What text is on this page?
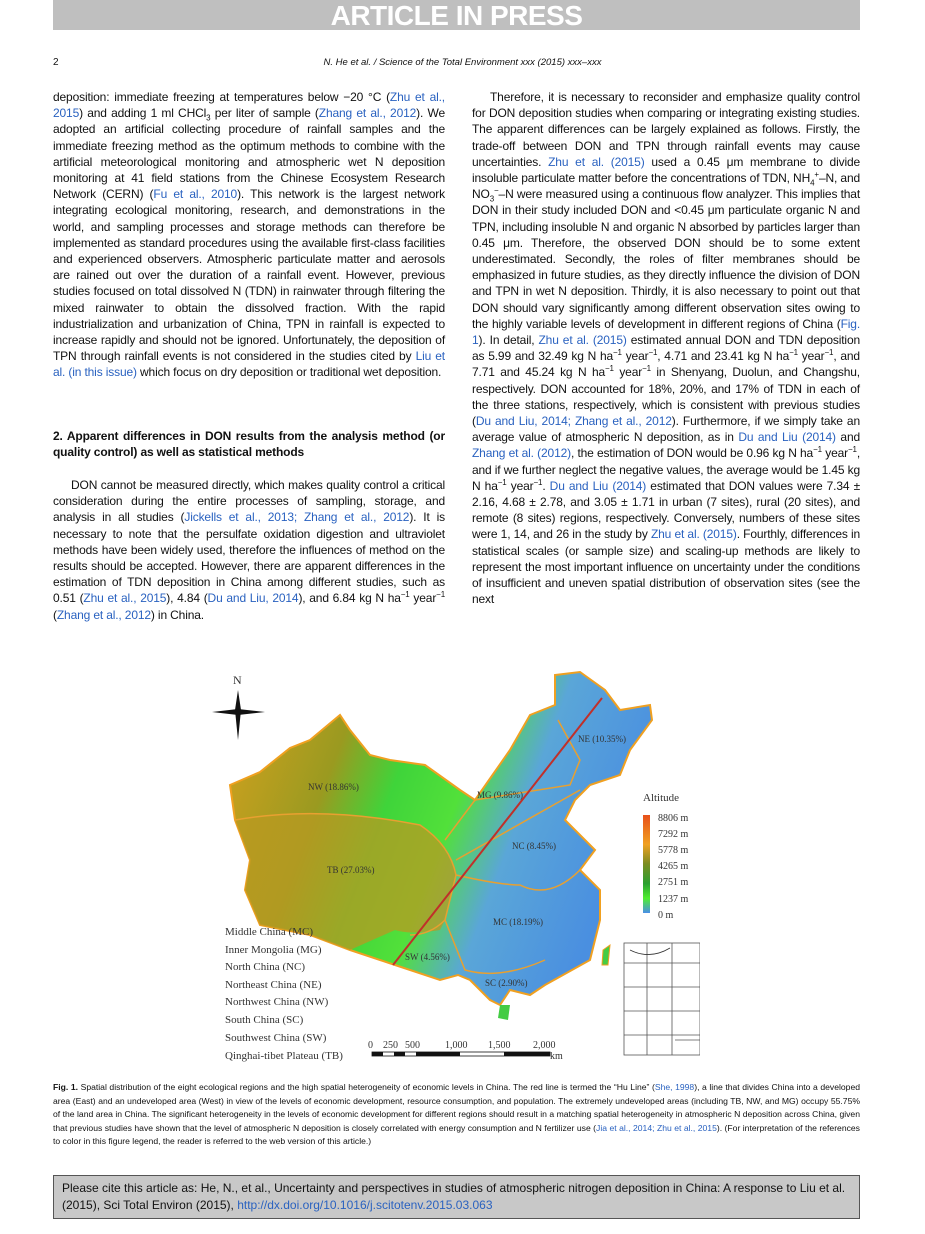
ARTICLE IN PRESS
2	N. He et al. / Science of the Total Environment xxx (2015) xxx–xxx
deposition: immediate freezing at temperatures below −20 °C (Zhu et al., 2015) and adding 1 ml CHCl$_3$ per liter of sample (Zhang et al., 2012). We adopted an artificial collecting procedure of rainfall samples and the immediate freezing method as the optimum methods to combine with the artificial meteorological monitoring and atmospheric wet N deposition monitoring at 41 field stations from the Chinese Ecosystem Research Network (CERN) (Fu et al., 2010). This network is the largest network integrating ecological monitoring, research, and demonstrations in the world, and sampling processes and storage methods can therefore be implemented as standard procedures using the available first-class facilities and experienced observers. Atmospheric particulate matter and aerosols are rained out over the duration of a rainfall event. However, previous studies focused on total dissolved N (TDN) in rainwater through filtering the mixed rainwater to obtain the dissolved fraction. With the rapid industrialization and urbanization of China, TPN in rainfall is expected to increase rapidly and should not be ignored. Unfortunately, the deposition of TPN through rainfall events is not considered in the studies cited by Liu et al. (in this issue) which focus on dry deposition or traditional wet deposition.
2. Apparent differences in DON results from the analysis method (or quality control) as well as statistical methods
DON cannot be measured directly, which makes quality control a critical consideration during the entire processes of sampling, storage, and analysis in all studies (Jickells et al., 2013; Zhang et al., 2012). It is necessary to note that the persulfate oxidation digestion and ultraviolet methods have been widely used, therefore the influences of method on the results should be accepted. However, there are apparent differences in the estimation of TDN deposition in China among different studies, such as 0.51 (Zhu et al., 2015), 4.84 (Du and Liu, 2014), and 6.84 kg N $ha^{-1}$ year$^{-1}$ (Zhang et al., 2012) in China.
Therefore, it is necessary to reconsider and emphasize quality control for DON deposition studies when comparing or integrating existing studies. The apparent differences can be largely explained as follows. Firstly, the trade-off between DON and TPN through rainfall events may cause uncertainties. Zhu et al. (2015) used a 0.45 μm membrane to divide insoluble particulate matter before the concentrations of TDN, $NH_4^+-N$, and $NO_3^--N$ were measured using a continuous flow analyzer. This implies that DON in their study included DON and <0.45 μm particulate organic N and TPN, including insoluble N and organic N absorbed by particles larger than 0.45 μm. Therefore, the observed DON should be to some extent underestimated. Secondly, the roles of filter membranes should be emphasized in future studies, as they directly influence the division of DON and TPN in wet N deposition. Thirdly, it is also necessary to point out that DON should vary significantly among different observation sites owing to the highly variable levels of development in different regions of China (Fig. 1). In detail, Zhu et al. (2015) estimated annual DON and TDN deposition as 5.99 and 32.49 kg N $ha^{-1}$ year$^{-1}$, 4.71 and 23.41 kg N $ha^{-1}$ year$^{-1}$, and 7.71 and 45.24 kg N $ha^{-1}$ year$^{-1}$ in Shenyang, Duolun, and Changshu, respectively. DON accounted for 18%, 20%, and 17% of TDN in each of the three stations, respectively, which is consistent with previous studies (Du and Liu, 2014; Zhang et al., 2012). Furthermore, if we simply take an average value of atmospheric N deposition, as in Du and Liu (2014) and Zhang et al. (2012), the estimation of DON would be 0.96 kg N $ha^{-1}$ year$^{-1}$, and if we further neglect the negative values, the average would be 1.45 kg N $ha^{-1}$ year$^{-1}$. Du and Liu (2014) estimated that DON values were 7.34 ± 2.16, 4.68 ± 2.78, and 3.05 ± 1.71 in urban (7 sites), rural (20 sites), and remote (8 sites) regions, respectively. Conversely, numbers of these sites were 1, 14, and 26 in the study by Zhu et al. (2015). Fourthly, differences in statistical scales (or sample size) and scaling-up methods are likely to represent the most important influence on uncertainty under the conditions of insufficient and uneven spatial distribution of observation sites (see the next
N
NE (10.35%)
NW (18.86%)
MG (9.86%)
NC (8.45%)
TB (27.03%)
MC (18.19%)
SW (4.56%)
SC (2.90%)
Altitude
8806 m
7292 m
5778 m
4265 m
2751 m
1237 m
0 m
Middle China (MC)
Inner Mongolia (MG)
North China (NC)
Northeast China (NE)
Northwest China (NW)
South China (SC)
Southwest China (SW)
Qinghai-tibet Plateau (TB)
0 250 500	1,000 1,500 2,000
km
Fig. 1. Spatial distribution of the eight ecological regions and the high spatial heterogeneity of economic levels in China. The red line is termed the “Hu Line” (She, 1998), a line that divides China into a developed area (East) and an undeveloped area (West) in view of the levels of economic development, resource consumption, and population. The extremely undeveloped areas (including TB, NW, and MG) occupy 55.75% of the land area in China. The significant heterogeneity in the levels of economic development for different regions should result in a matching spatial heterogeneity in atmospheric N deposition across China, given that previous studies have shown that the level of atmospheric N deposition is closely correlated with energy consumption and N fertilizer use (Jia et al., 2014; Zhu et al., 2015). (For interpretation of the references to color in this figure legend, the reader is referred to the web version of this article.)
Please cite this article as: He, N., et al., Uncertainty and perspectives in studies of atmospheric nitrogen deposition in China: A response to Liu et al. (2015), Sci Total Environ (2015), http://dx.doi.org/10.1016/j.scitotenv.2015.03.063
